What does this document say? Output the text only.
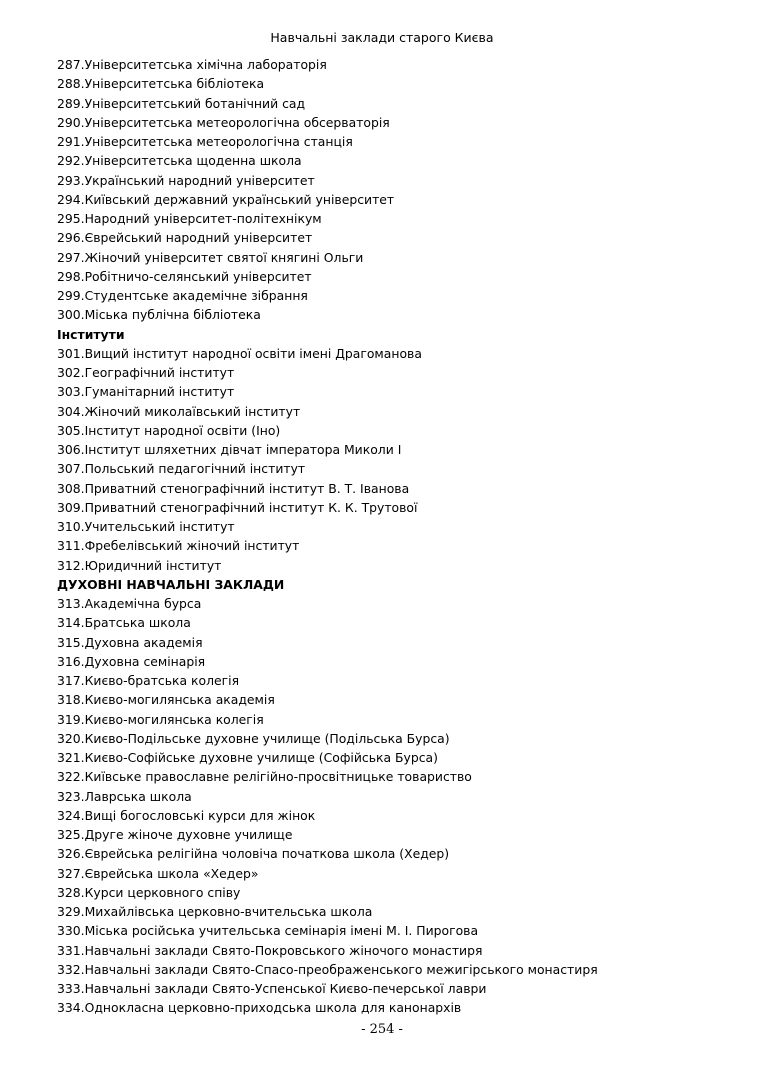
Навчальні заклади старого Києва
287.Університетська хімічна лабораторія
288.Університетська бібліотека
289.Університетський ботанічний сад
290.Університетська метеорологічна обсерваторія
291.Університетська метеорологічна станція
292.Університетська щоденна школа
293.Український народний університет
294.Київський державний український університет
295.Народний університет-політехнікум
296.Єврейський народний університет
297.Жіночий університет святої княгині Ольги
298.Робітничо-селянський університет
299.Студентське академічне зібрання
300.Міська публічна бібліотека
Інститути
301.Вищий інститут народної освіти імені Драгоманова
302.Географічний інститут
303.Гуманітарний інститут
304.Жіночий миколаївський інститут
305.Інститут народної освіти (Іно)
306.Інститут шляхетних дівчат імператора Миколи І
307.Польський педагогічний інститут
308.Приватний стенографічний інститут В. Т. Іванова
309.Приватний стенографічний інститут К. К. Трутової
310.Учительський інститут
311.Фребелівський жіночий інститут
312.Юридичний інститут
ДУХОВНІ НАВЧАЛЬНІ ЗАКЛАДИ
313.Академічна бурса
314.Братська школа
315.Духовна академія
316.Духовна семінарія
317.Києво-братська колегія
318.Києво-могилянська академія
319.Києво-могилянська колегія
320.Києво-Подільське духовне училище (Подільська Бурса)
321.Києво-Софійське духовне училище (Софійська Бурса)
322.Київське православне релігійно-просвітницьке товариство
323.Лаврська школа
324.Вищі богословські курси для жінок
325.Друге жіноче духовне училище
326.Єврейська релігійна чоловіча початкова школа (Хедер)
327.Єврейська школа «Хедер»
328.Курси церковного співу
329.Михайлівська церковно-вчительська школа
330.Міська російська учительська семінарія імені М. І. Пирогова
331.Навчальні заклади Свято-Покровського жіночого монастиря
332.Навчальні заклади Свято-Спасо-преображенського межигірського монастиря
333.Навчальні заклади Свято-Успенської Києво-печерської лаври
334.Однокласна церковно-приходська школа для канонархів
- 254 -
